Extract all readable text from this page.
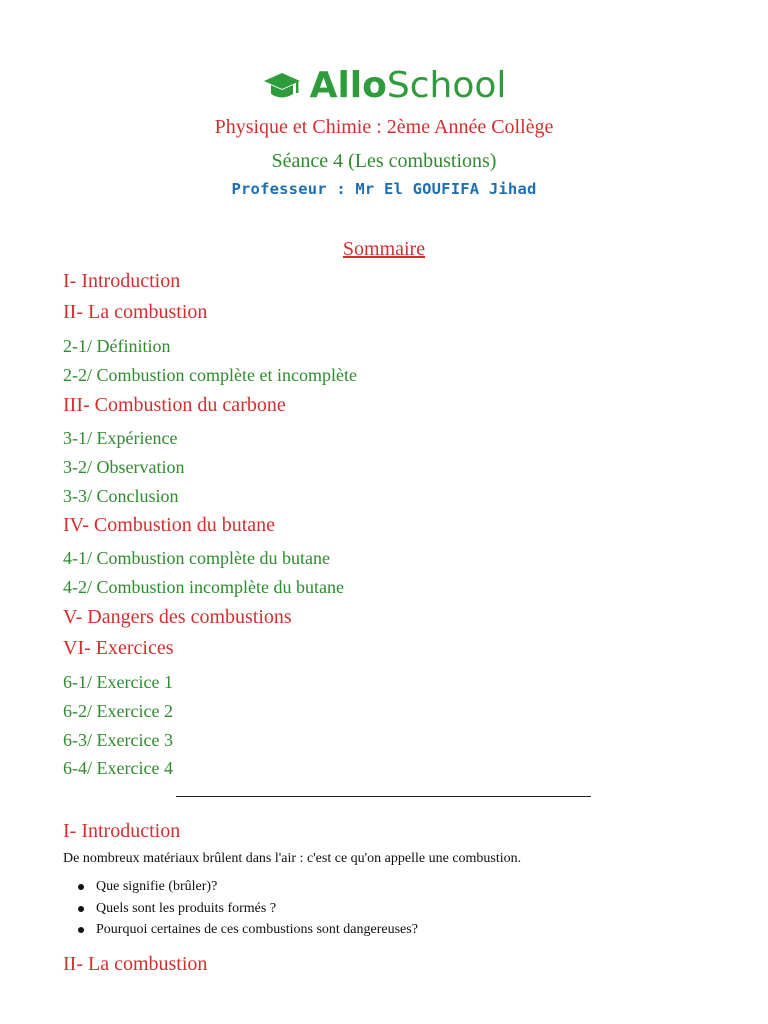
AlloSchool
Physique et Chimie : 2ème Année Collège
Séance 4 (Les combustions)
Professeur : Mr El GOUFIFA Jihad
Sommaire
I- Introduction
II- La combustion
2-1/ Définition
2-2/ Combustion complète et incomplète
III- Combustion du carbone
3-1/ Expérience
3-2/ Observation
3-3/ Conclusion
IV- Combustion du butane
4-1/ Combustion complète du butane
4-2/ Combustion incomplète du butane
V- Dangers des combustions
VI- Exercices
6-1/ Exercice 1
6-2/ Exercice 2
6-3/ Exercice 3
6-4/ Exercice 4
I- Introduction
De nombreux matériaux brûlent dans l'air : c'est ce qu'on appelle une combustion.
Que signifie (brûler)?
Quels sont les produits formés ?
Pourquoi certaines de ces combustions sont dangereuses?
II- La combustion
